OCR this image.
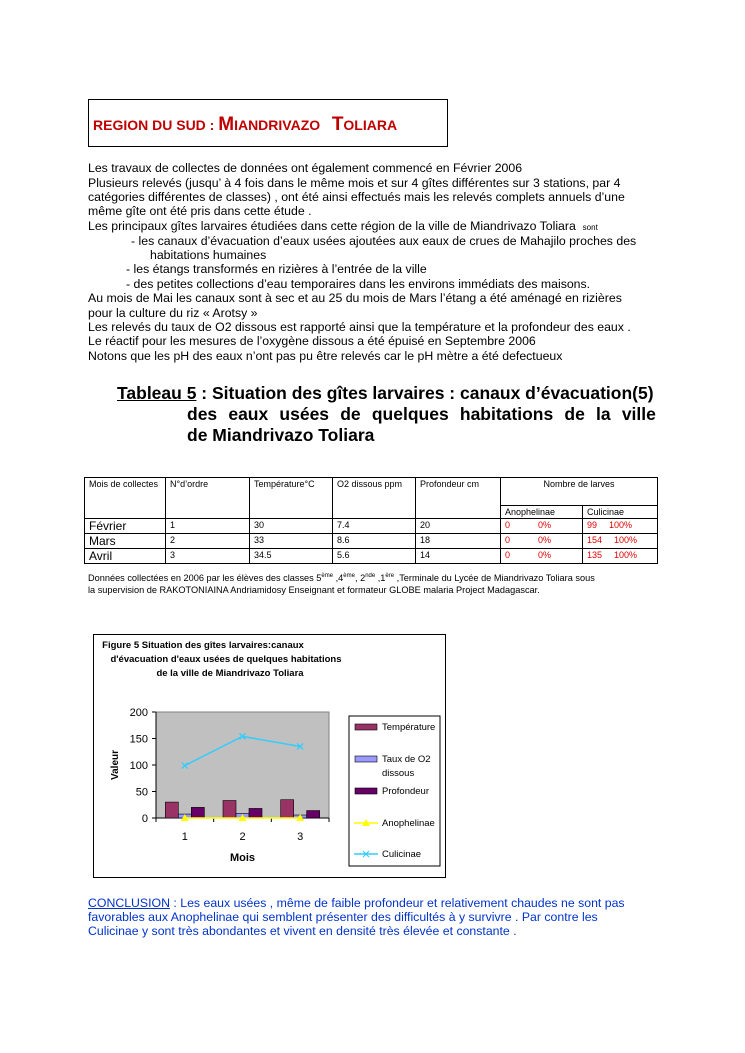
REGION DU SUD : MIANDRIVAZO TOLIARA
Les travaux de collectes de données ont également commencé en Février 2006
Plusieurs relevés (jusqu’ à 4 fois dans le même mois et sur 4 gîtes différentes sur 3 stations, par 4
catégories différentes de classes) , ont été ainsi effectués mais les relevés complets annuels d’une
même gîte ont été pris dans cette étude .
Les principaux gîtes larvaires étudiées dans cette région de la ville de Miandrivazo Toliara sont
- les canaux d’évacuation d’eaux usées ajoutées aux eaux de crues de Mahajilo proches des
habitations humaines
- les étangs transformés en rizières à l’entrée de la ville
- des petites collections d’eau temporaires dans les environs immédiats des maisons.
Au mois de Mai les canaux sont à sec et au 25 du mois de Mars l’étang a été aménagé en rizières
pour la culture du riz « Arotsy »
Les relevés du taux de O2 dissous est rapporté ainsi que la température et la profondeur des eaux .
Le réactif pour les mesures de l’oxygène dissous a été épuisé en Septembre 2006
Notons que les pH des eaux n’ont pas pu être relevés car le pH mètre a été defectueux
Tableau 5 : Situation des gîtes larvaires : canaux d’évacuation(5)
des eaux usées de quelques habitations de la ville
de Miandrivazo Toliara
Mois de collectes	N°d’ordre	Température°C	O2 dissous ppm	Profondeur cm	Nombre de larves	
					Anophelinae	Culicinae
Février	1	30	7.4	20	0 0%	99 100%
Mars	2	33	8.6	18	0 0%	154 100%
Avril	3	34.5	5.6	14	0 0%	135 100%
Données collectées en 2006 par les élèves des classes 5ème ,4ème, 2nde ,1ère ,Terminale du Lycée de Miandrivazo Toliara sous
la supervision de RAKOTONIAINA Andriamidosy Enseignant et formateur GLOBE malaria Project Madagascar.
Figure 5 Situation des gîtes larvaires:canaux
d'évacuation d'eaux usées de quelques habitations
de la ville de Miandrivazo Toliara
0
50
100
150
200
1	2	3
Mois
Valeur
Température
Taux de O2
dissous
Profondeur
Anophelinae
Culicinae
CONCLUSION : Les eaux usées , même de faible profondeur et relativement chaudes ne sont pas
favorables aux Anophelinae qui semblent présenter des difficultés à y survivre . Par contre les
Culicinae y sont très abondantes et vivent en densité très élevée et constante .
